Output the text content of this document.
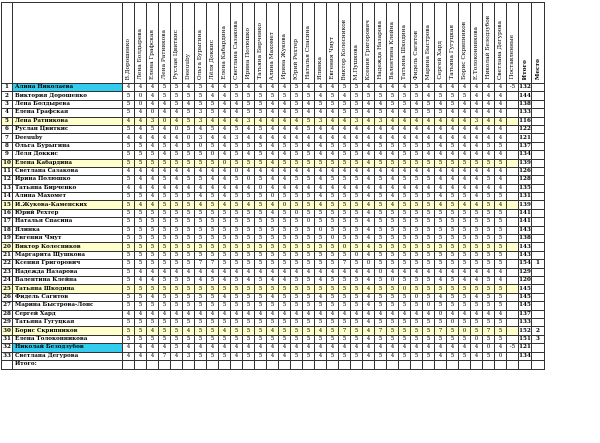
		В.Дорошенко	Лена Болдырева	Елена Графская	Лена Ратникова	Руслан Цвиткис	Deeuuby	Ольга Бурыгина	Лёля Доккис	Елена Кабардина	Светлана Сазакова	Ирина Полюшко	Татьяна Бирченко	Алина Махомет	Ирина Жукова	Юрий Рехтер	Наталья Спасина	Ялинка	Евгения Чмут	Виктор Колесников	М.Пушкова	Ксения Григорович	Надежда Назарова	Валентина Клейна	Татьяна Шкодина	Фидель Сагитов	Марина Быстрова	Сергей Хард	Татьяна Гугуцкая	Борис Скрипников	Е.Толоконникова	Николай Безодзубов	Светлана Дегурова	Поставленные	Итого	Место
1	Алина Николаева	4	4	4	5	5	4	5	4	4	5	4	4	4	4	5	4	4	4	5	5	4	4	4	4	5	4	4	4	4	4	4	4	-5	132	
2	Виктория Дорошенко	5	0	4	5	5	5	5	4	4	5	5	5	5	5	5	5	4	5	4	5	5	5	5	5	5	4	5	5	5	4	4	4		144	
3	Лена Болдырева	5	0	4	4	5	4	5	5	4	4	5	5	4	4	5	4	5	5	5	5	4	4	5	5	4	5	4	5	4	4	4	4		138	
4	Елена Графская	5	4	0	4	4	5	3	5	4	4	5	5	4	4	5	4	4	4	5	5	4	5	4	4	5	5	5	4	4	4	4	4		133	
5	Лена Ратникова	4	4	3	0	4	5	3	4	4	4	3	4	4	4	4	5	3	4	4	3	4	3	4	4	4	4	4	4	4	3	4	4		116	
6	Руслан Цвиткис	5	4	5	4	0	5	4	5	4	5	4	5	4	4	4	5	4	4	4	4	4	4	4	4	4	4	4	4	4	4	4	4		122	
7	Deeuuby	4	4	4	4	4	0	3	4	4	3	4	4	4	4	4	4	4	4	4	4	4	4	4	4	4	4	4	4	4	4	4	4		121	
8	Ольга Бурыгина	5	5	4	5	4	5	0	5	4	5	5	5	4	5	5	4	4	5	5	5	4	5	5	5	5	5	4	5	4	4	5	5		137	
9	Лёля Доккис	5	5	5	4	5	5	5	0	4	5	4	5	4	4	5	5	4	4	5	5	4	4	4	5	5	4	4	4	4	4	4	4		134	
10	Елена Кабардина	5	5	5	5	5	5	5	5	0	5	5	5	4	5	5	5	5	5	5	5	4	5	5	5	5	5	5	5	5	5	5	5		139	
11	Светлана Сазакова	4	4	4	4	4	4	4	4	4	0	4	4	4	4	4	4	4	4	4	4	4	4	4	4	4	4	4	4	4	4	4	4		126	
12	Ирина Полюшко	5	4	4	5	4	5	5	4	4	5	0	5	4	4	5	5	4	5	5	5	4	5	4	5	5	5	4	4	4	4	5	4		128	
13	Татьяна Бирченко	4	4	4	4	4	4	4	4	4	4	4	0	4	4	4	4	4	4	4	4	4	4	4	4	4	4	4	4	4	4	4	4		135	
14	Алина Махомет	5	5	4	5	5	5	4	5	4	5	5	5	0	5	5	5	4	5	5	5	4	5	4	5	5	5	4	5	5	4	5	5		131	
15	И.Жукова-Каменских	5	4	4	5	5	5	4	5	4	5	4	5	4	0	5	5	4	5	5	5	4	5	4	5	5	5	4	5	4	4	5	4		139	
16	Юрий Рехтер	5	5	5	5	5	5	5	5	5	5	5	5	4	5	0	5	5	5	5	5	4	5	5	5	5	5	5	5	5	5	5	5		141	
17	Наталья Спасина	5	5	5	5	5	5	5	5	5	5	5	5	5	5	5	0	5	5	5	5	4	5	5	5	5	5	5	5	5	5	5	5		141	
18	Ялинка	5	5	5	5	5	5	5	5	5	5	5	5	5	5	5	5	0	5	5	5	4	5	5	5	5	5	5	5	5	5	5	5		143	
19	Евгения Чмут	5	5	5	5	5	5	5	5	5	5	5	5	5	5	5	5	5	0	5	5	4	5	5	5	5	5	5	5	5	5	5	5		138	
20	Виктор Колесников	5	5	5	5	5	5	5	5	5	5	5	5	5	5	5	5	5	5	0	5	4	5	5	5	5	5	5	5	5	5	5	5		143	
21	Маргарита Щушкова	5	5	5	5	5	5	5	5	5	5	5	5	5	5	5	5	5	5	5	0	4	5	5	5	5	5	5	5	5	5	5	5		143	
22	Ксения Григорович	5	5	5	5	5	5	7	7	5	5	5	5	5	5	5	5	5	5	7	5	0	5	5	5	5	5	5	5	5	5	5	5		154	1
23	Надежда Назарова	5	4	4	4	4	4	4	4	4	4	4	4	4	4	4	4	4	4	4	4	4	0	4	4	4	4	4	4	4	4	4	4		129	
24	Валентина Клейна	5	4	4	5	5	5	4	5	4	5	4	5	4	4	5	5	4	5	5	5	4	5	0	5	5	5	4	5	4	4	5	4		120	
25	Татьяна Шкодина	5	5	5	5	5	5	5	5	5	5	5	5	5	5	5	5	5	5	5	5	4	5	5	0	5	5	5	5	5	5	5	5		145	
26	Фидель Сагитов	5	5	4	5	5	5	5	5	4	5	5	5	4	5	5	5	4	5	5	5	4	5	5	5	0	5	4	5	5	4	5	5		145	
27	Марина Быстрова-Лонс	5	5	5	5	5	5	5	5	5	5	5	5	5	5	5	5	5	5	5	5	4	5	5	5	5	0	5	5	5	5	5	5		145	
28	Сергей Хард	4	4	4	4	4	4	4	4	4	4	4	4	4	4	4	4	4	4	4	4	4	4	4	4	4	4	0	4	4	4	4	4		137	
29	Татьяна Гугуцкая	5	5	5	5	5	5	5	5	5	5	5	5	5	5	5	5	5	5	5	5	4	5	5	5	5	5	5	0	5	5	5	5		133	
30	Борис Скрипников	5	5	4	5	5	4	5	5	4	5	5	5	4	5	5	5	4	5	7	5	4	7	5	5	5	5	7	5	0	5	7	5		152	2
31	Елена Толоконникова	5	5	5	5	5	5	5	5	5	5	5	5	5	5	5	5	5	5	5	5	4	5	5	5	5	5	5	5	5	0	5	5		151	3
32	Николай Безодзубов	4	4	4	4	5	4	4	4	4	4	4	4	4	4	4	4	4	4	4	4	4	4	4	4	4	4	4	4	4	4	0	4	-5	121	
33	Светлана Дегурова	4	4	4	7	4	3	5	5	5	4	5	5	4	4	5	5	4	5	5	5	4	5	4	5	5	5	4	5	5	4	5	0		134	
	Итого:																																			
